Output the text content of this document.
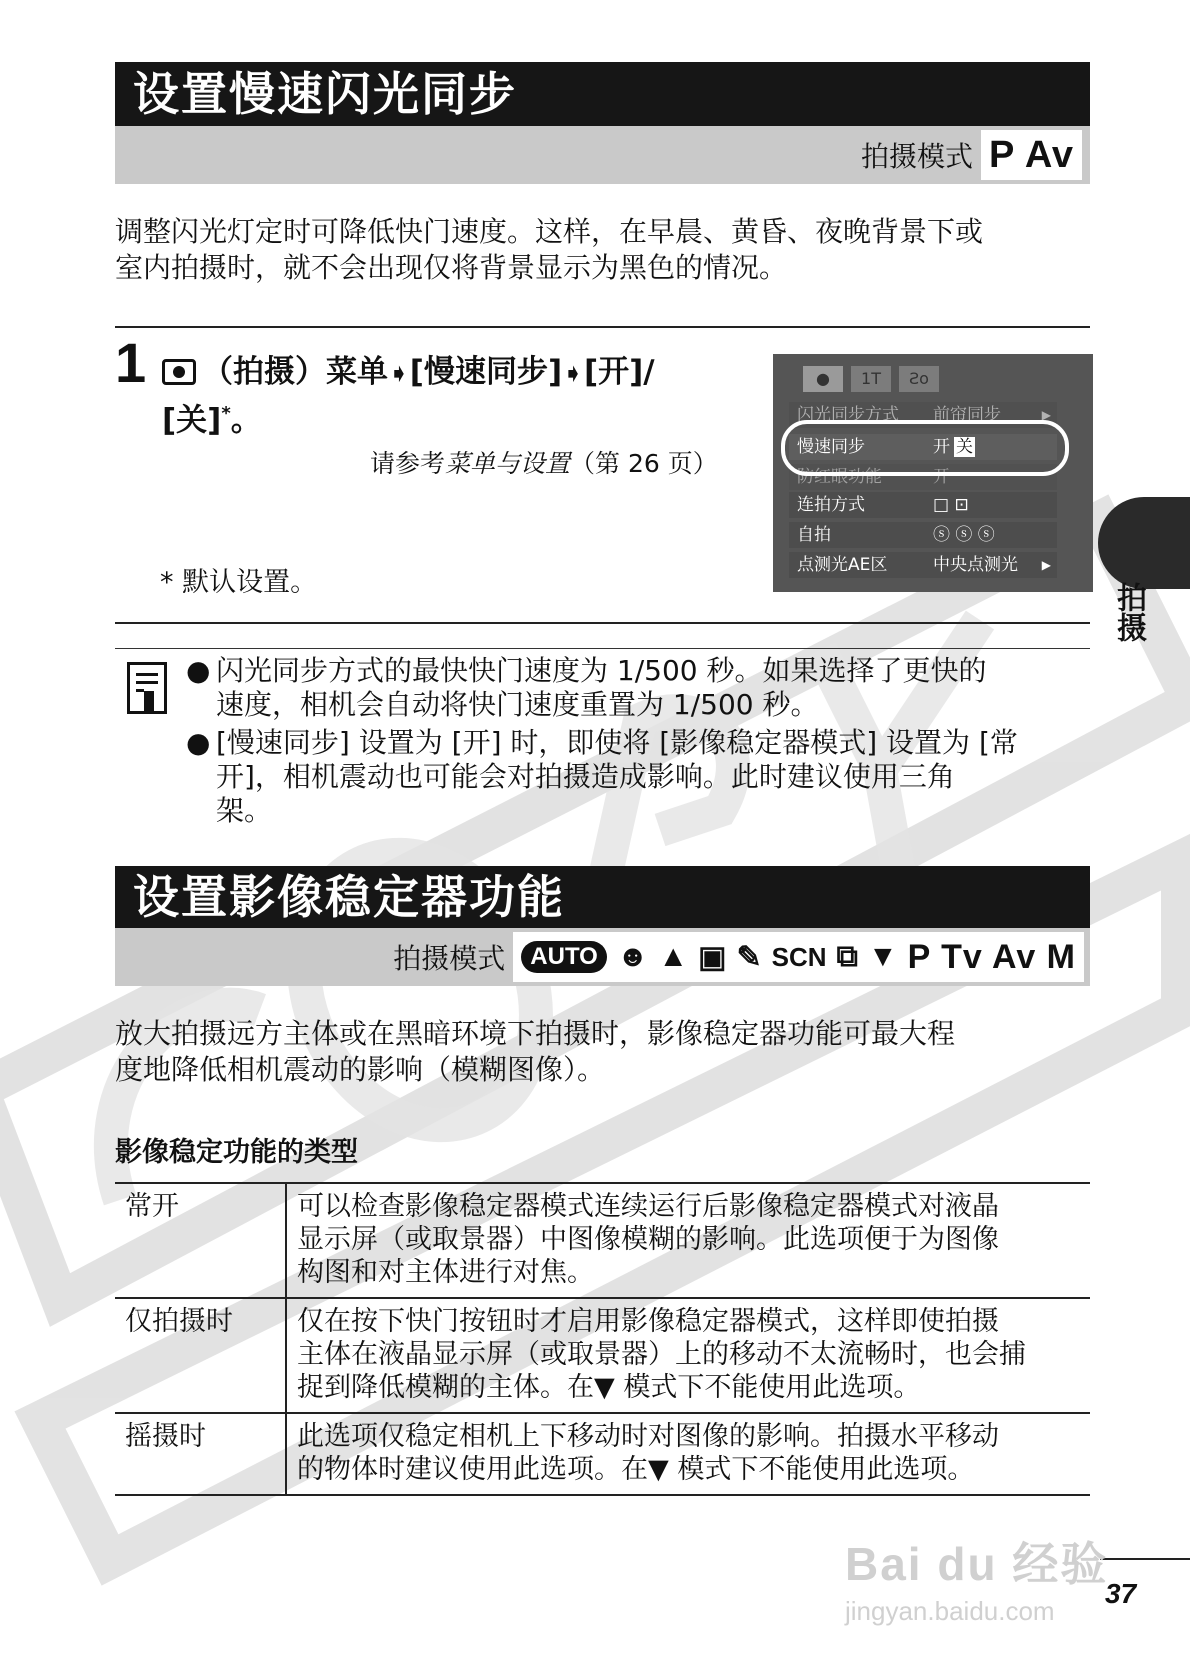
设置慢速闪光同步
拍摄模式 P Av
调整闪光灯定时可降低快门速度。这样，在早晨、黄昏、夜晚背景下或
室内拍摄时，就不会出现仅将背景显示为黑色的情况。
1	（拍摄）菜单➧[慢速同步]➧[开]/
[关]*。
请参考菜单与设置（第 26 页）
* 默认设置。
●	1T	Ƨo
闪光同步方式 前帘同步	▶
慢速同步	开 关
防红眼功能	开
连拍方式	□ ⊡
自拍	ⓢ ⓢ ⓢ
点测光AE区	中央点测光 ▶
拍摄
● 闪光同步方式的最快快门速度为 1/500 秒。如果选择了更快的
速度，相机会自动将快门速度重置为 1/500 秒。
● [慢速同步] 设置为 [开] 时，即使将 [影像稳定器模式] 设置为 [常
开]，相机震动也可能会对拍摄造成影响。此时建议使用三角
架。
设置影像稳定器功能
拍摄模式	AUTO ☻ ▲ ▣ ✎ SCN ⧉ ▼ P Tv Av M
放大拍摄远方主体或在黑暗环境下拍摄时，影像稳定器功能可最大程
度地降低相机震动的影响（模糊图像）。
影像稳定功能的类型
常开	可以检查影像稳定器模式连续运行后影像稳定器模式对液晶
显示屏（或取景器）中图像模糊的影响。此选项便于为图像
构图和对主体进行对焦。

仅拍摄时	仅在按下快门按钮时才启用影像稳定器模式，这样即使拍摄
主体在液晶显示屏（或取景器）上的移动不太流畅时，也会捕
捉到降低模糊的主体。在▼ 模式下不能使用此选项。

摇摄时	此选项仅稳定相机上下移动时对图像的影响。拍摄水平移动
的物体时建议使用此选项。在▼ 模式下不能使用此选项。
37
Bai du 经验
jingyan.baidu.com
